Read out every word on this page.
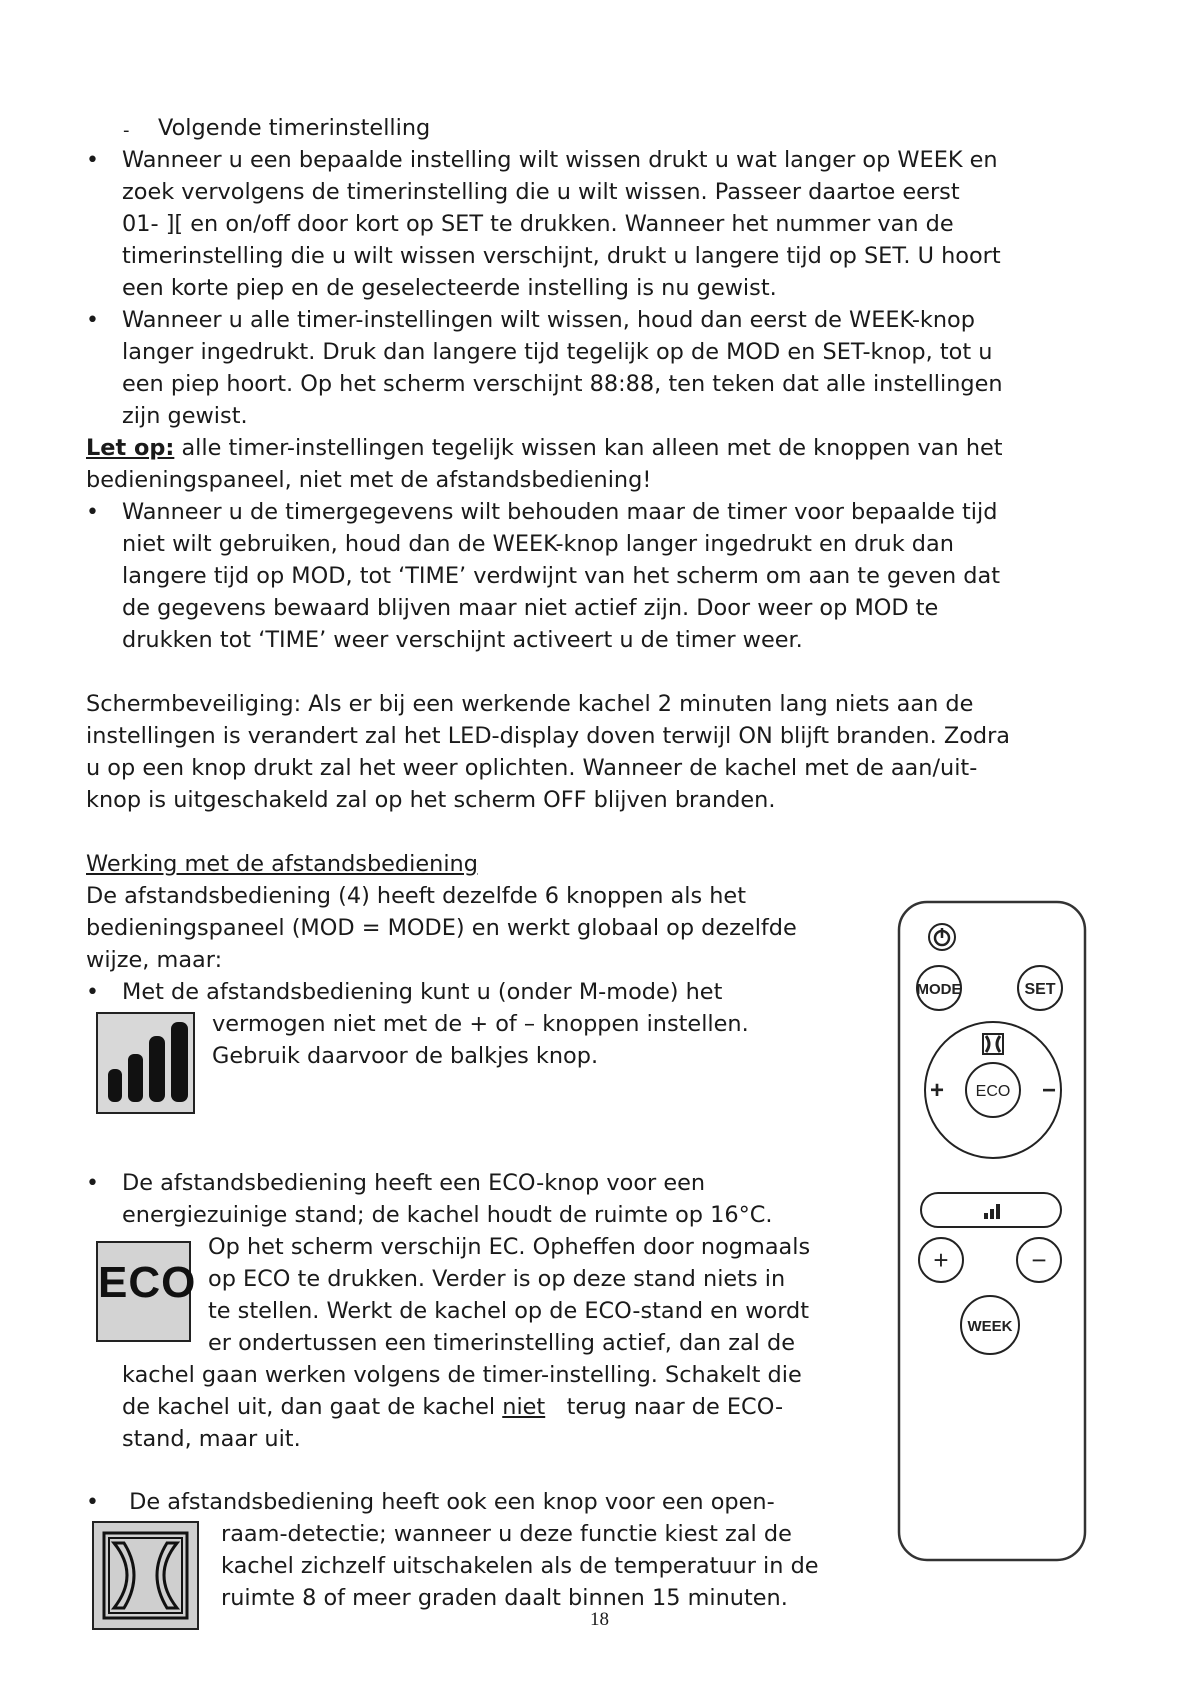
- Volgende timerinstelling
• Wanneer u een bepaalde instelling wilt wissen drukt u wat langer op WEEK en
zoek vervolgens de timerinstelling die u wilt wissen. Passeer daartoe eerst
01- ][ en on/off door kort op SET te drukken. Wanneer het nummer van de
timerinstelling die u wilt wissen verschijnt, drukt u langere tijd op SET. U hoort
een korte piep en de geselecteerde instelling is nu gewist.
• Wanneer u alle timer-instellingen wilt wissen, houd dan eerst de WEEK-knop
langer ingedrukt. Druk dan langere tijd tegelijk op de MOD en SET-knop, tot u
een piep hoort. Op het scherm verschijnt 88:88, ten teken dat alle instellingen
zijn gewist.
Let op: alle timer-instellingen tegelijk wissen kan alleen met de knoppen van het
bedieningspaneel, niet met de afstandsbediening!
• Wanneer u de timergegevens wilt behouden maar de timer voor bepaalde tijd
niet wilt gebruiken, houd dan de WEEK-knop langer ingedrukt en druk dan
langere tijd op MOD, tot ‘TIME’ verdwijnt van het scherm om aan te geven dat
de gegevens bewaard blijven maar niet actief zijn. Door weer op MOD te
drukken tot ‘TIME’ weer verschijnt activeert u de timer weer.
Schermbeveiliging: Als er bij een werkende kachel 2 minuten lang niets aan de
instellingen is verandert zal het LED-display doven terwijl ON blijft branden. Zodra
u op een knop drukt zal het weer oplichten. Wanneer de kachel met de aan/uit-
knop is uitgeschakeld zal op het scherm OFF blijven branden.
Werking met de afstandsbediening
De afstandsbediening (4) heeft dezelfde 6 knoppen als het
bedieningspaneel (MOD = MODE) en werkt globaal op dezelfde
wijze, maar:
• Met de afstandsbediening kunt u (onder M-mode) het
vermogen niet met de + of – knoppen instellen.
Gebruik daarvoor de balkjes knop.
• De afstandsbediening heeft een ECO-knop voor een
energiezuinige stand; de kachel houdt de ruimte op 16°C.
Op het scherm verschijn EC. Opheffen door nogmaals
op ECO te drukken. Verder is op deze stand niets in
te stellen. Werkt de kachel op de ECO-stand en wordt
er ondertussen een timerinstelling actief, dan zal de
kachel gaan werken volgens de timer-instelling. Schakelt die
de kachel uit, dan gaat de kachel niet   terug naar de ECO-
stand, maar uit.
ECO
• De afstandsbediening heeft ook een knop voor een open-
raam-detectie; wanneer u deze functie kiest zal de
kachel zichzelf uitschakelen als de temperatuur in de
ruimte 8 of meer graden daalt binnen 15 minuten.
MODE	SET
ECO
+	−
+	−
WEEK
18
